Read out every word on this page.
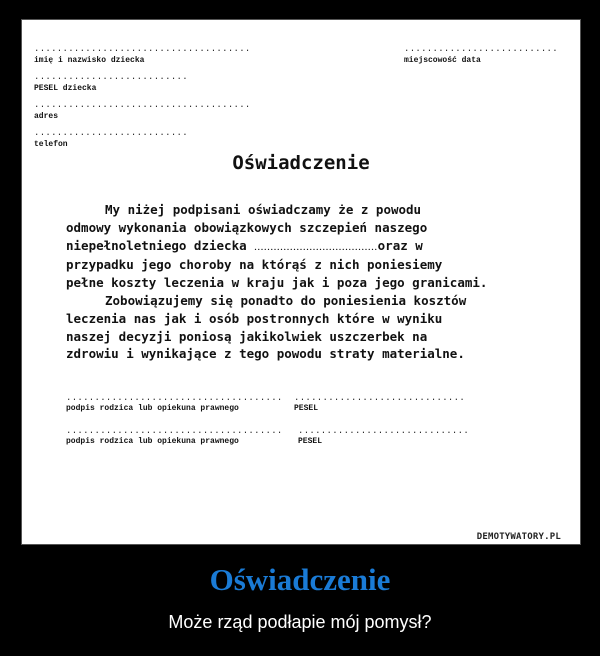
......................................
imię i nazwisko dziecka
...........................
miejscowość data
...........................
PESEL dziecka
......................................
adres
...........................
telefon
Oświadczenie
My niżej podpisani oświadczamy że z powodu
odmowy wykonania obowiązkowych szczepień naszego
niepełnoletniego dziecka ......................................oraz w
przypadku jego choroby na którąś z nich poniesiemy
pełne koszty leczenia w kraju jak i poza jego granicami.
Zobowiązujemy się ponadto do poniesienia kosztów
leczenia nas jak i osób postronnych które w wyniku
naszej decyzji poniosą jakikolwiek uszczerbek na
zdrowiu i wynikające z tego powodu straty materialne.
......................................
podpis rodzica lub opiekuna prawnego
..............................
PESEL
......................................
podpis rodzica lub opiekuna prawnego
..............................
PESEL
DEMOTYWATORY.PL
Oświadczenie
Może rząd podłapie mój pomysł?
